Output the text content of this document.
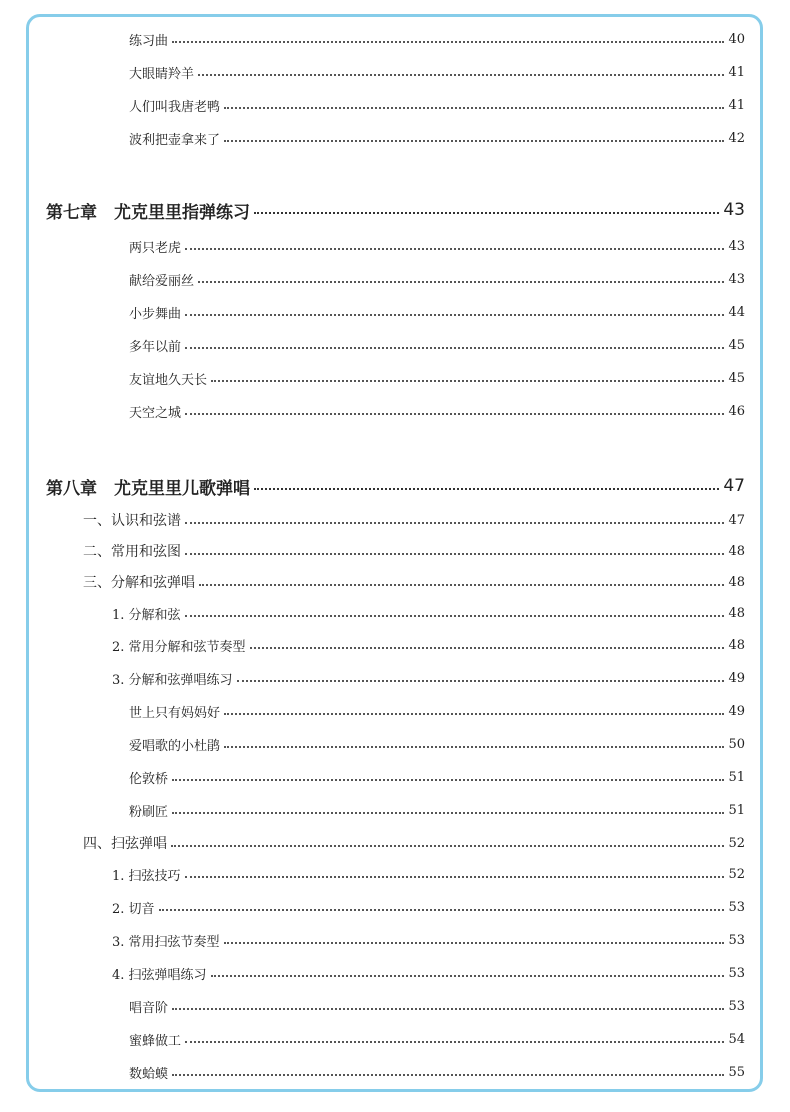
练习曲	40
大眼睛羚羊	41
人们叫我唐老鸭	41
波利把壶拿来了	42
第七章　尤克里里指弹练习	43
两只老虎	43
献给爱丽丝	43
小步舞曲	44
多年以前	45
友谊地久天长	45
天空之城	46
第八章　尤克里里儿歌弹唱	47
一、认识和弦谱	47
二、常用和弦图	48
三、分解和弦弹唱	48
1. 分解和弦	48
2. 常用分解和弦节奏型	48
3. 分解和弦弹唱练习	49
世上只有妈妈好	49
爱唱歌的小杜鹃	50
伦敦桥	51
粉刷匠	51
四、扫弦弹唱	52
1. 扫弦技巧	52
2. 切音	53
3. 常用扫弦节奏型	53
4. 扫弦弹唱练习	53
唱音阶	53
蜜蜂做工	54
数蛤蟆	55
